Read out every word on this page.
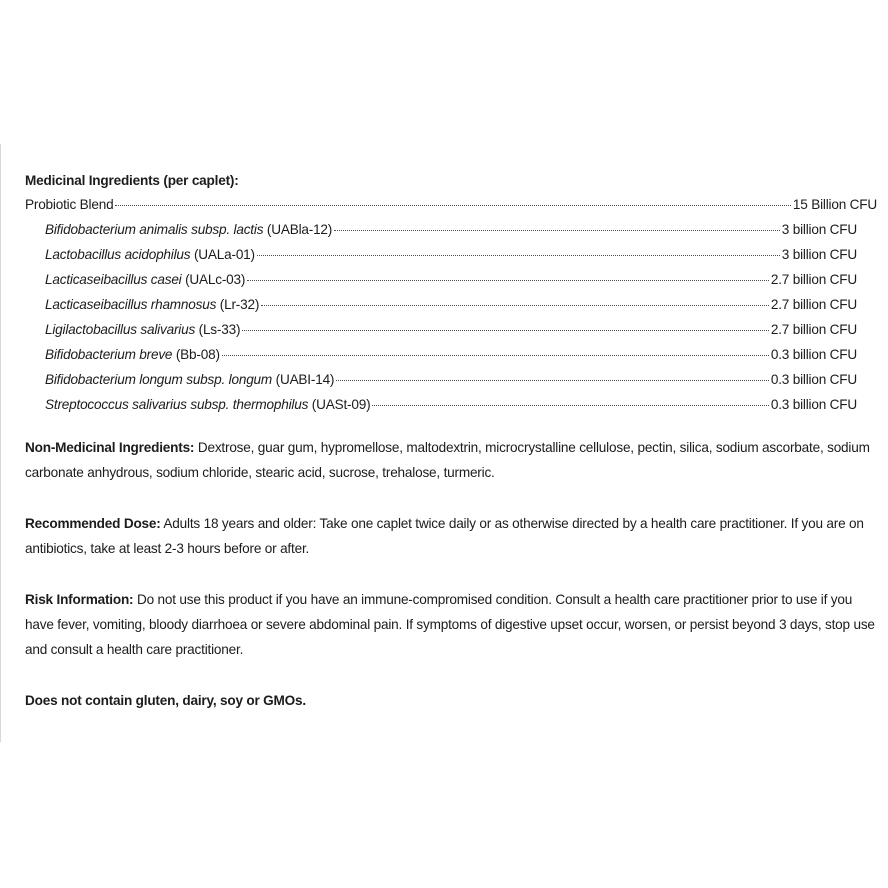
Medicinal Ingredients (per caplet):

Probiotic Blend	15 Billion CFU
Bifidobacterium animalis subsp. lactis (UABla-12)	3 billion CFU
Lactobacillus acidophilus (UALa-01)	3 billion CFU
Lacticaseibacillus casei (UALc-03)	2.7 billion CFU
Lacticaseibacillus rhamnosus (Lr-32)	2.7 billion CFU
Ligilactobacillus salivarius (Ls-33)	2.7 billion CFU
Bifidobacterium breve (Bb-08)	0.3 billion CFU
Bifidobacterium longum subsp. longum (UABI-14)	0.3 billion CFU
Streptococcus salivarius subsp. thermophilus (UASt-09)	0.3 billion CFU

Non-Medicinal Ingredients: Dextrose, guar gum, hypromellose, maltodextrin, microcrystalline cellulose, pectin, silica, sodium ascorbate, sodium carbonate anhydrous, sodium chloride, stearic acid, sucrose, trehalose, turmeric.

Recommended Dose: Adults 18 years and older: Take one caplet twice daily or as otherwise directed by a health care practitioner. If you are on antibiotics, take at least 2-3 hours before or after.

Risk Information: Do not use this product if you have an immune-compromised condition. Consult a health care practitioner prior to use if you have fever, vomiting, bloody diarrhoea or severe abdominal pain. If symptoms of digestive upset occur, worsen, or persist beyond 3 days, stop use and consult a health care practitioner.

Does not contain gluten, dairy, soy or GMOs.
